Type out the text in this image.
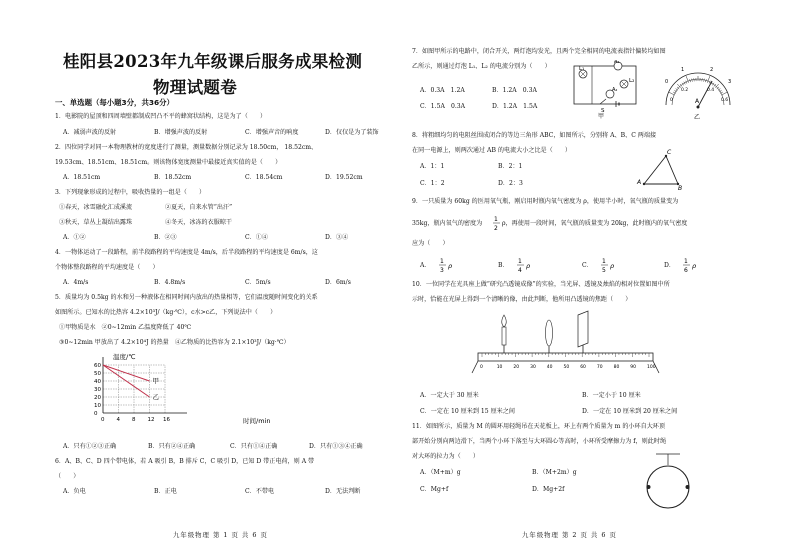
桂阳县2023年九年级课后服务成果检测
物理试题卷
一、单选题（每小题3分，共36分）
1．电影院的屋顶和四周墙壁都制成凹凸不平的蜂窝状结构，这是为了（　　）
A．减弱声波的反射	B．增强声波的反射	C．增强声音的响度	D．仅仅是为了装饰
2．四位同学对同一本物理教材的宽度进行了测量，测量数据分别记录为 18.50cm， 18.52cm、
19.53cm、18.51cm、18.51cm。则该物体宽度测量中最接近真实值的是（　　）
A．18.51cm	B．18.52cm	C．18.54cm	D．19.52cm
3．下列现象形成的过程中，吸收热量的一组是（　　）
①春天，冰雪融化汇成溪流	②夏天，自来水管“出汗”
③秋天，草丛上凝结出露珠	④冬天，冰冻的衣服晾干
A．①②	B．②③	C．①④	D．③④
4．一物体运动了一段路程，前半段路程的平均速度是 4m/s，后半段路程的平均速度是 6m/s，这
个物体整段路程的平均速度是（　　）
A．4m/s	B．4.8m/s	C．5m/s	D．6m/s
5．质量均为 0.5kg 的水和另一种液体在相同时间内放出的热量相等，它们温度随时间变化的关系
如图所示。已知水的比热容 4.2×10³J/（kg·℃），c水>c乙，下列说法中（　　）
①甲物质是水　②0~12min 乙温度降低了 40℃
③0~12min 甲放出了 4.2×10⁴J 的热量　④乙物质的比热容为 2.1×10³J/（kg·℃）
0
10
20
30
40
50
60
0 4 8 12 16
甲
乙
温度/℃
时间/min
A．只有①②③正确	B．只有②④正确	C．只有①④正确	D．只有①③④正确
6．A、B、C、D 四个带电体，若 A 吸引 B，B 排斥 C，C 吸引 D，已知 D 带正电荷，则 A 带
（　　）
A．负电	B．正电	C．不带电	D．无法判断
九年级物理 第 1 页 共 6 页
7．如图甲所示的电路中，闭合开关，两灯泡均发光，且两个完全相同的电流表指针偏转均如图
乙所示，则通过灯泡 L₁、L₂ 的电流分别为（　　）
A．0.3A　1.2A	B．1.2A　0.3A
C．1.5A　0.3A	D．1.2A　1.5A
L₁
A₁
L₂
A₂
S
甲
0
1	2
3
0
0.2	0.4
0.6
A
乙
8．将粗细均匀的电阻丝围成闭合的等边三角形 ABC，如图所示，分别将 A、B、C 两端接
在同一电源上，则两次通过 AB 的电流大小之比是（　　）
A．1：1	B．2：1
C．1：2	D．2：3
C
A
B
9．一只质量为 60kg 的医用氧气瓶，刚启用时瓶内氧气密度为 ρ，使用半小时，氧气瓶的质量变为
35kg，瓶内氧气的密度为
1
2
ρ，再使用一段时间，氧气瓶的质量变为 20kg，此时瓶内的氧气密度
应为（　　）
A．
1
3
ρ	B．
1
4
ρ	C．
1
5
ρ	D．
1
6
ρ
10．一位同学在光具座上做“研究凸透镜成像”的实验，当光屏、透镜及烛焰的相对位置如图中所
示时，恰能在光屏上得到一个清晰的像，由此判断，他所用凸透镜的焦距（　　）
0	10 20 30 40 50 60 70 80 90 100
A．一定大于 30 厘米	B．一定小于 10 厘米
C．一定在 10 厘米到 15 厘米之间	D．一定在 10 厘米到 20 厘米之间
11．如图所示，质量为 M 的圆环用轻绳吊在天花板上，环上有两个质量为 m 的小环自大环顶
部开始分别向两边滑下，当两个小环下落至与大环圆心等高时，小环所受摩擦力为 f，则此时绳
对大环的拉力为（　　）
A．（M+m）g	B．（M+2m）g
C．Mg+f	D．Mg+2f
九年级物理 第 2 页 共 6 页
